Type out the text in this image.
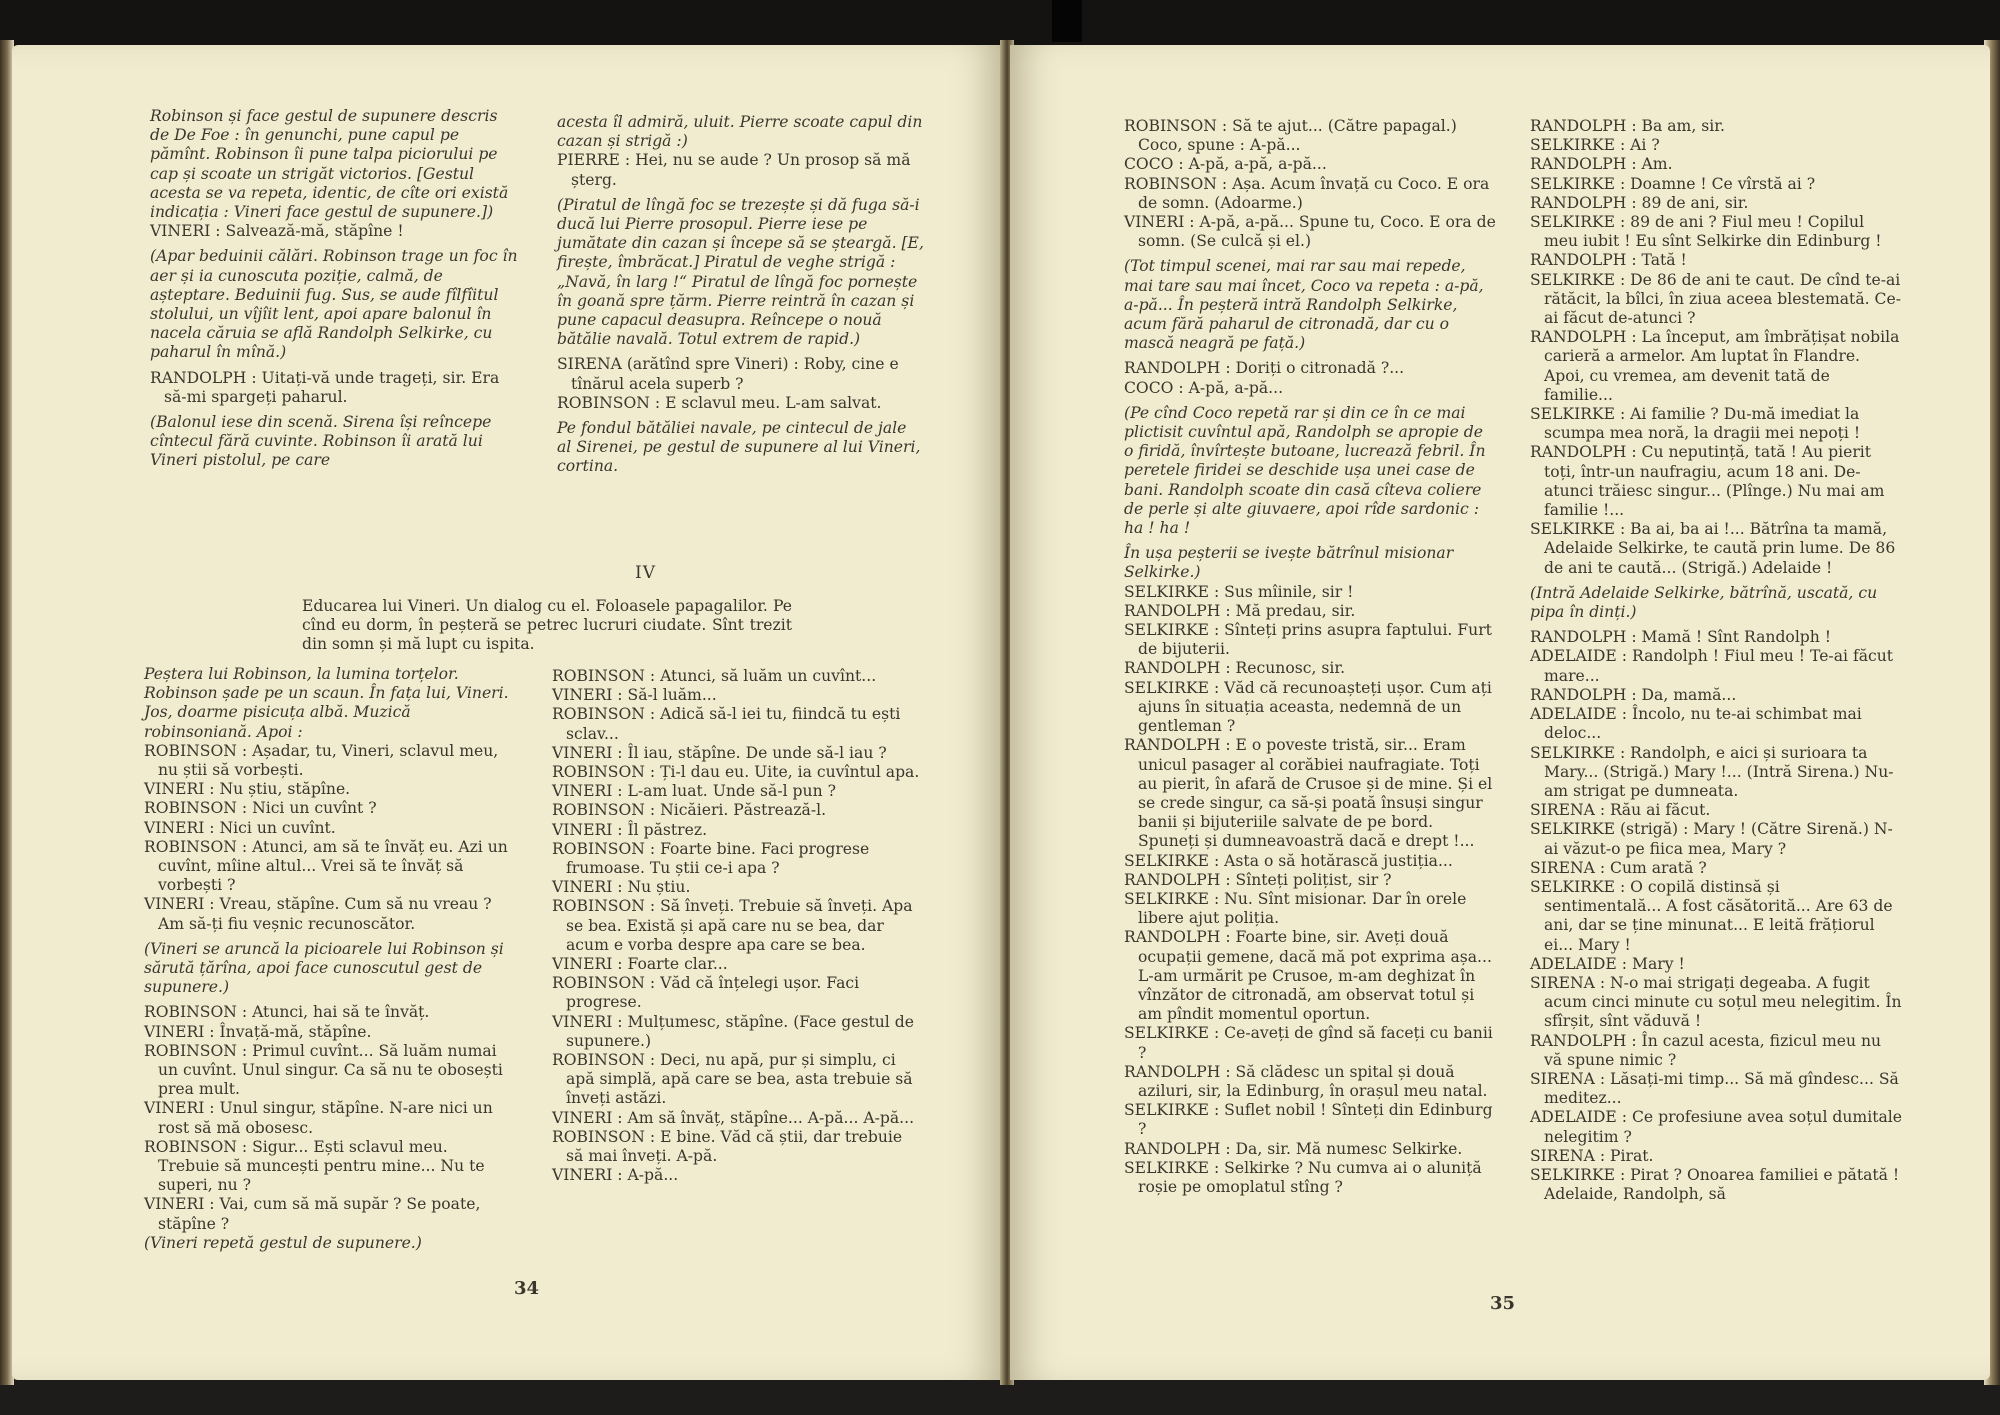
Robinson și face gestul de supunere descris de De Foe : în genunchi, pune capul pe pămînt. Robinson îi pune talpa piciorului pe cap și scoate un strigăt victorios. [Gestul acesta se va repeta, identic, de cîte ori există indicația : Vineri face gestul de supunere.])

VINERI : Salvează-mă, stăpîne !

(Apar beduinii călări. Robinson trage un foc în aer și ia cunoscuta poziție, calmă, de așteptare. Beduinii fug. Sus, se aude fîlfîitul stolului, un vîjîit lent, apoi apare balonul în nacela căruia se află Randolph Selkirke, cu paharul în mînă.)

RANDOLPH : Uitați-vă unde trageți, sir. Era să-mi spargeți paharul.

(Balonul iese din scenă. Sirena își reîncepe cîntecul fără cuvinte. Robinson îi arată lui Vineri pistolul, pe care

acesta îl admiră, uluit. Pierre scoate capul din cazan și strigă :)

PIERRE : Hei, nu se aude ? Un prosop să mă șterg.

(Piratul de lîngă foc se trezește și dă fuga să-i ducă lui Pierre prosopul. Pierre iese pe jumătate din cazan și începe să se șteargă. [E, firește, îmbrăcat.] Piratul de veghe strigă : „Navă, în larg !“ Piratul de lîngă foc pornește în goană spre țărm. Pierre reintră în cazan și pune capacul deasupra. Reîncepe o nouă bătălie navală. Totul extrem de rapid.)

SIRENA (arătînd spre Vineri) : Roby, cine e tînărul acela superb ?

ROBINSON : E sclavul meu. L-am salvat.

Pe fondul bătăliei navale, pe cintecul de jale al Sirenei, pe gestul de supunere al lui Vineri, cortina.

IV
Educarea lui Vineri. Un dialog cu el. Foloasele papagalilor. Pe cînd eu dorm, în peșteră se petrec lucruri ciudate. Sînt trezit din somn și mă lupt cu ispita.

Peștera lui Robinson, la lumina torțelor. Robinson șade pe un scaun. În fața lui, Vineri. Jos, doarme pisicuța albă. Muzică robinsoniană. Apoi :

ROBINSON : Așadar, tu, Vineri, sclavul meu, nu știi să vorbești.

VINERI : Nu știu, stăpîne.

ROBINSON : Nici un cuvînt ?

VINERI : Nici un cuvînt.

ROBINSON : Atunci, am să te învăț eu. Azi un cuvînt, mîine altul... Vrei să te învăț să vorbești ?

VINERI : Vreau, stăpîne. Cum să nu vreau ? Am să-ți fiu veșnic recunoscător.

(Vineri se aruncă la picioarele lui Robinson și sărută țărîna, apoi face cunoscutul gest de supunere.)

ROBINSON : Atunci, hai să te învăț.

VINERI : Învață-mă, stăpîne.

ROBINSON : Primul cuvînt... Să luăm numai un cuvînt. Unul singur. Ca să nu te obosești prea mult.

VINERI : Unul singur, stăpîne. N-are nici un rost să mă obosesc.

ROBINSON : Sigur... Ești sclavul meu. Trebuie să muncești pentru mine... Nu te superi, nu ?

VINERI : Vai, cum să mă supăr ? Se poate, stăpîne ?

(Vineri repetă gestul de supunere.)

ROBINSON : Atunci, să luăm un cuvînt...

VINERI : Să-l luăm...

ROBINSON : Adică să-l iei tu, fiindcă tu ești sclav...

VINERI : Îl iau, stăpîne. De unde să-l iau ?

ROBINSON : Ți-l dau eu. Uite, ia cuvîntul apa.

VINERI : L-am luat. Unde să-l pun ?

ROBINSON : Nicăieri. Păstrează-l.

VINERI : Îl păstrez.

ROBINSON : Foarte bine. Faci progrese frumoase. Tu știi ce-i apa ?

VINERI : Nu știu.

ROBINSON : Să înveți. Trebuie să înveți. Apa se bea. Există și apă care nu se bea, dar acum e vorba despre apa care se bea.

VINERI : Foarte clar...

ROBINSON : Văd că înțelegi ușor. Faci progrese.

VINERI : Mulțumesc, stăpîne. (Face gestul de supunere.)

ROBINSON : Deci, nu apă, pur și simplu, ci apă simplă, apă care se bea, asta trebuie să înveți astăzi.

VINERI : Am să învăț, stăpîne... A-pă... A-pă...

ROBINSON : E bine. Văd că știi, dar trebuie să mai înveți. A-pă.

VINERI : A-pă...

34

ROBINSON : Să te ajut... (Către papagal.) Coco, spune : A-pă...

COCO : A-pă, a-pă, a-pă...

ROBINSON : Așa. Acum învață cu Coco. E ora de somn. (Adoarme.)

VINERI : A-pă, a-pă... Spune tu, Coco. E ora de somn. (Se culcă și el.)

(Tot timpul scenei, mai rar sau mai repede, mai tare sau mai încet, Coco va repeta : a-pă, a-pă... În peșteră intră Randolph Selkirke, acum fără paharul de citronadă, dar cu o mască neagră pe față.)

RANDOLPH : Doriți o citronadă ?...

COCO : A-pă, a-pă...

(Pe cînd Coco repetă rar și din ce în ce mai plictisit cuvîntul apă, Randolph se apropie de o firidă, învîrtește butoane, lucrează febril. În peretele firidei se deschide ușa unei case de bani. Randolph scoate din casă cîteva coliere de perle și alte giuvaere, apoi rîde sardonic : ha ! ha !

În ușa peșterii se ivește bătrînul misionar Selkirke.)

SELKIRKE : Sus mîinile, sir !

RANDOLPH : Mă predau, sir.

SELKIRKE : Sînteți prins asupra faptului. Furt de bijuterii.

RANDOLPH : Recunosc, sir.

SELKIRKE : Văd că recunoașteți ușor. Cum ați ajuns în situația aceasta, nedemnă de un gentleman ?

RANDOLPH : E o poveste tristă, sir... Eram unicul pasager al corăbiei naufragiate. Toți au pierit, în afară de Crusoe și de mine. Și el se crede singur, ca să-și poată însuși singur banii și bijuteriile salvate de pe bord. Spuneți și dumneavoastră dacă e drept !...

SELKIRKE : Asta o să hotărască justiția...

RANDOLPH : Sînteți polițist, sir ?

SELKIRKE : Nu. Sînt misionar. Dar în orele libere ajut poliția.

RANDOLPH : Foarte bine, sir. Aveți două ocupații gemene, dacă mă pot exprima așa... L-am urmărit pe Crusoe, m-am deghizat în vînzător de citronadă, am observat totul și am pîndit momentul oportun.

SELKIRKE : Ce-aveți de gînd să faceți cu banii ?

RANDOLPH : Să clădesc un spital și două aziluri, sir, la Edinburg, în orașul meu natal.

SELKIRKE : Suflet nobil ! Sînteți din Edinburg ?

RANDOLPH : Da, sir. Mă numesc Selkirke.

SELKIRKE : Selkirke ? Nu cumva ai o aluniță roșie pe omoplatul stîng ?

RANDOLPH : Ba am, sir.

SELKIRKE : Ai ?

RANDOLPH : Am.

SELKIRKE : Doamne ! Ce vîrstă ai ?

RANDOLPH : 89 de ani, sir.

SELKIRKE : 89 de ani ? Fiul meu ! Copilul meu iubit ! Eu sînt Selkirke din Edinburg !

RANDOLPH : Tată !

SELKIRKE : De 86 de ani te caut. De cînd te-ai rătăcit, la bîlci, în ziua aceea blestemată. Ce-ai făcut de-atunci ?

RANDOLPH : La început, am îmbrățișat nobila carieră a armelor. Am luptat în Flandre. Apoi, cu vremea, am devenit tată de familie...

SELKIRKE : Ai familie ? Du-mă imediat la scumpa mea noră, la dragii mei nepoți !

RANDOLPH : Cu neputință, tată ! Au pierit toți, într-un naufragiu, acum 18 ani. De-atunci trăiesc singur... (Plînge.) Nu mai am familie !...

SELKIRKE : Ba ai, ba ai !... Bătrîna ta mamă, Adelaide Selkirke, te caută prin lume. De 86 de ani te caută... (Strigă.) Adelaide !

(Intră Adelaide Selkirke, bătrînă, uscată, cu pipa în dinți.)

RANDOLPH : Mamă ! Sînt Randolph !

ADELAIDE : Randolph ! Fiul meu ! Te-ai făcut mare...

RANDOLPH : Da, mamă...

ADELAIDE : Încolo, nu te-ai schimbat mai deloc...

SELKIRKE : Randolph, e aici și surioara ta Mary... (Strigă.) Mary !... (Intră Sirena.) Nu-am strigat pe dumneata.

SIRENA : Rău ai făcut.

SELKIRKE (strigă) : Mary ! (Către Sirenă.) N-ai văzut-o pe fiica mea, Mary ?

SIRENA : Cum arată ?

SELKIRKE : O copilă distinsă și sentimentală... A fost căsătorită... Are 63 de ani, dar se ține minunat... E leită frățiorul ei... Mary !

ADELAIDE : Mary !

SIRENA : N-o mai strigați degeaba. A fugit acum cinci minute cu soțul meu nelegitim. În sfîrșit, sînt văduvă !

RANDOLPH : În cazul acesta, fizicul meu nu vă spune nimic ?

SIRENA : Lăsați-mi timp... Să mă gîndesc... Să meditez...

ADELAIDE : Ce profesiune avea soțul dumitale nelegitim ?

SIRENA : Pirat.

SELKIRKE : Pirat ? Onoarea familiei e pătată ! Adelaide, Randolph, să

35
